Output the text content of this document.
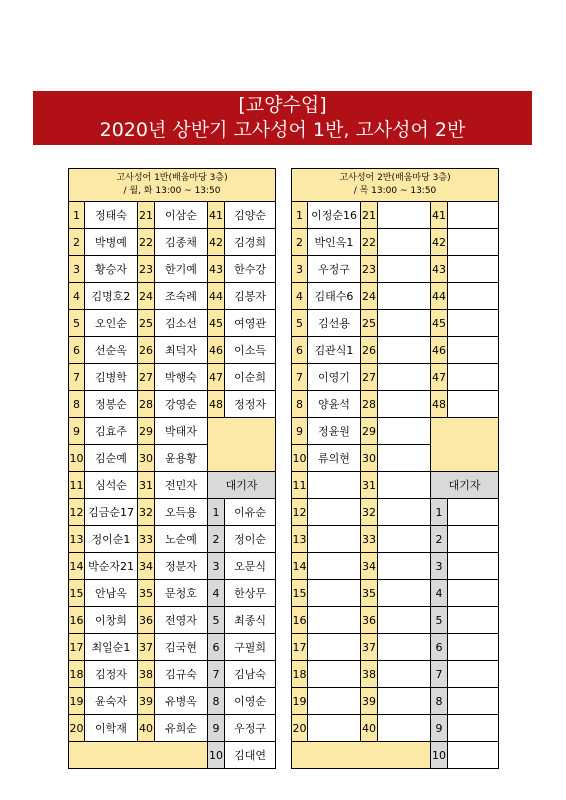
[교양수업]
2020년 상반기 고사성어 1반, 고사성어 2반
고사성어 1반(배움마당 3층)
/ 월, 화 13:00 ~ 13:50					
1	정태숙	21	이삼순	41	김양순
2	박병예	22	김종채	42	김경희
3	황승자	23	한기예	43	한수강
4	김명호2	24	조숙례	44	김봉자
5	오인순	25	김소선	45	여영관
6	선순옥	26	최덕자	46	이소득
7	김병학	27	박행숙	47	이순희
8	정봉순	28	강영순	48	정정자
9	김효주	29	박태자		
10	김순예	30	윤용황		
11	심석순	31	전민자	대기자	
12	김금순17	32	오득용	1	이유순
13	정이순1	33	노순예	2	정이순
14	박순자21	34	정분자	3	오문식
15	안남옥	35	문청호	4	한상무
16	이창희	36	전영자	5	최종식
17	최일순1	37	김국현	6	구필희
18	김정자	38	김규숙	7	김남숙
19	윤숙자	39	유병옥	8	이영순
20	이학재	40	유희순	9	우정구
				10	김대연
고사성어 2반(배움마당 3층)
/ 목 13:00 ~ 13:50					
1	이정순16	21		41	
2	박인옥1	22		42	
3	우정구	23		43	
4	김태수6	24		44	
5	김선용	25		45	
6	김관식1	26		46	
7	이영기	27		47	
8	양윤석	28		48	
9	정윤원	29			
10	류의현	30			
11		31		대기자	
12		32		1	
13		33		2	
14		34		3	
15		35		4	
16		36		5	
17		37		6	
18		38		7	
19		39		8	
20		40		9	
				10	
